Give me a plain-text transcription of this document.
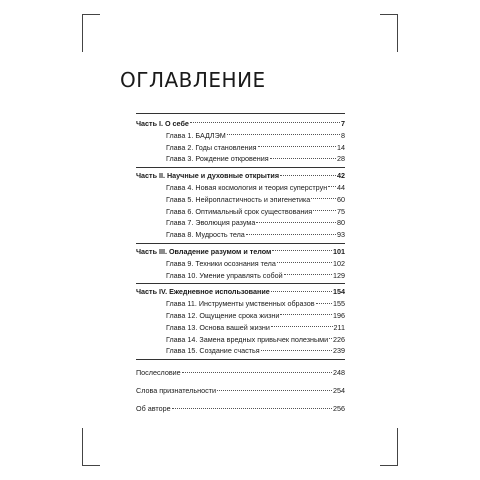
ОГЛАВЛЕНИЕ
Часть I. О себе	7
Глава 1. БАДЛЭМ	8
Глава 2. Годы становления	14
Глава 3. Рождение откровения	28
Часть II. Научные и духовные открытия	42
Глава 4. Новая космология и теория суперструн 44
Глава 5. Нейропластичность и эпигенетика	60
Глава 6. Оптимальный срок существования	75
Глава 7. Эволюция разума	80
Глава 8. Мудрость тела	93
Часть III. Овладение разумом и телом	101
Глава 9. Техники осознания тела	102
Глава 10. Умение управлять собой	129
Часть IV. Ежедневное использование	154
Глава 11. Инструменты умственных образов	155
Глава 12. Ощущение срока жизни	196
Глава 13. Основа вашей жизни	211
Глава 14. Замена вредных привычек полезными 226
Глава 15. Создание счастья	239
Послесловие	248
Слова признательности	254
Об авторе	256
